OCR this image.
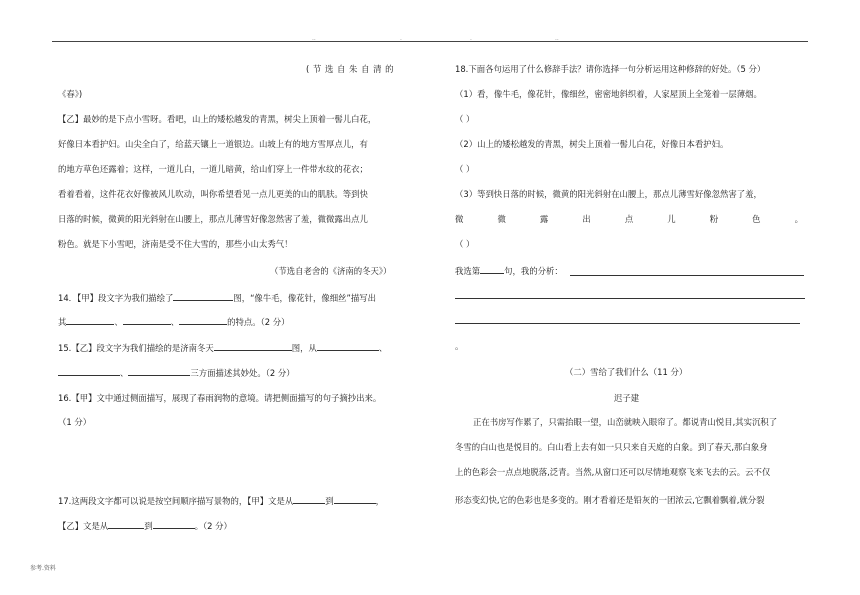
..	.	.	..
( 节 选 自 朱 自 清 的
《春》)
【乙】最妙的是下点小雪呀。看吧，山上的矮松越发的青黑，树尖上顶着一髻儿白花，
好像日本看护妇。山尖全白了，给蓝天镶上一道银边。山坡上有的地方雪厚点儿，有
的地方草色还露着；这样，一道儿白，一道儿暗黄，给山们穿上一件带水纹的花衣；
看着看着，这件花衣好像被风儿吹动，叫你希望看见一点儿更美的山的肌肤。等到快
日落的时候，微黄的阳光斜射在山腰上，那点儿薄雪好像忽然害了羞，微微露出点儿
粉色。就是下小雪吧，济南是受不住大雪的，那些小山太秀气！
（节选自老舍的《济南的冬天》）
14．【甲】段文字为我们描绘了	图，“像牛毛，像花针，像细丝”描写出
其	、	、	的特点。（2 分）
15.【乙】段文字为我们描绘的是济南冬天	图，从	、
、	三方面描述其妙处。（2 分）
16.【甲】文中通过侧面描写，展现了春雨润物的意境。请把侧面描写的句子摘抄出来。
（1 分）
17.这两段文字都可以说是按空间顺序描写景物的，【甲】文是从	到	，
【乙】文是从	到	。（2 分）
18.下面各句运用了什么修辞手法？请你选择一句分析运用这种修辞的好处。（5 分）
（1）看，像牛毛，像花针，像细丝，密密地斜织着，人家屋顶上全笼着一层薄烟。
（ ）
（2）山上的矮松越发的青黑，树尖上顶着一髻儿白花，好像日本看护妇。
（ ）
（3）等到快日落的时候，微黄的阳光斜射在山腰上，那点儿薄雪好像忽然害了羞，
微	微	露	出	点	儿	粉	色	。
（ ）
我选第	句，我的分析：
。
（二）雪给了我们什么（11 分）
迟子建
正在书房写作累了，只需抬眼一望，山峦就映入眼帘了。都说青山悦目,其实沉积了
冬雪的白山也是悦目的。白山看上去有如一只只来自天庭的白象。到了春天,那白象身
上的色彩会一点点地脱落,泛青。当然,从窗口还可以尽情地观察飞来飞去的云。云不仅
形态变幻快,它的色彩也是多变的。刚才看着还是铅灰的一团浓云,它飘着飘着,就分裂
参考.资料
